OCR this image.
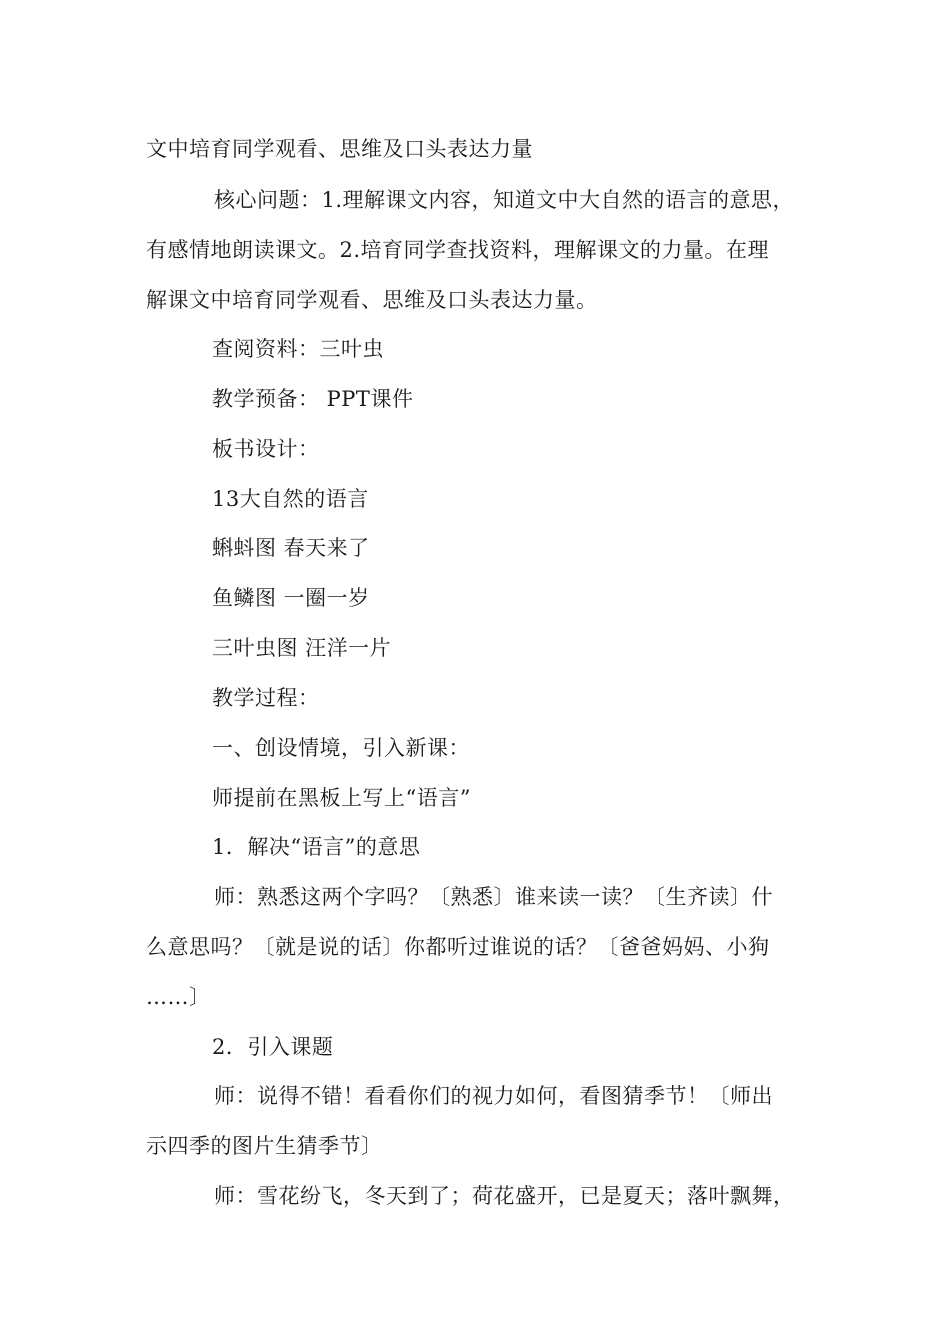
文中培育同学观看、思维及口头表达力量
核心问题：1.理解课文内容，知道文中大自然的语言的意思，
有感情地朗读课文。2.培育同学查找资料，理解课文的力量。在理
解课文中培育同学观看、思维及口头表达力量。
查阅资料：三叶虫
教学预备： PPT课件
板书设计：
13大自然的语言
蝌蚪图 春天来了
鱼鳞图 一圈一岁
三叶虫图 汪洋一片
教学过程：
一、创设情境，引入新课：
师提前在黑板上写上“语言”
1．解决“语言”的意思
师：熟悉这两个字吗？〔熟悉〕谁来读一读？〔生齐读〕什
么意思吗？〔就是说的话〕你都听过谁说的话？〔爸爸妈妈、小狗
……〕
2．引入课题
师：说得不错！看看你们的视力如何，看图猜季节！〔师出
示四季的图片生猜季节〕
师：雪花纷飞，冬天到了；荷花盛开，已是夏天；落叶飘舞，
